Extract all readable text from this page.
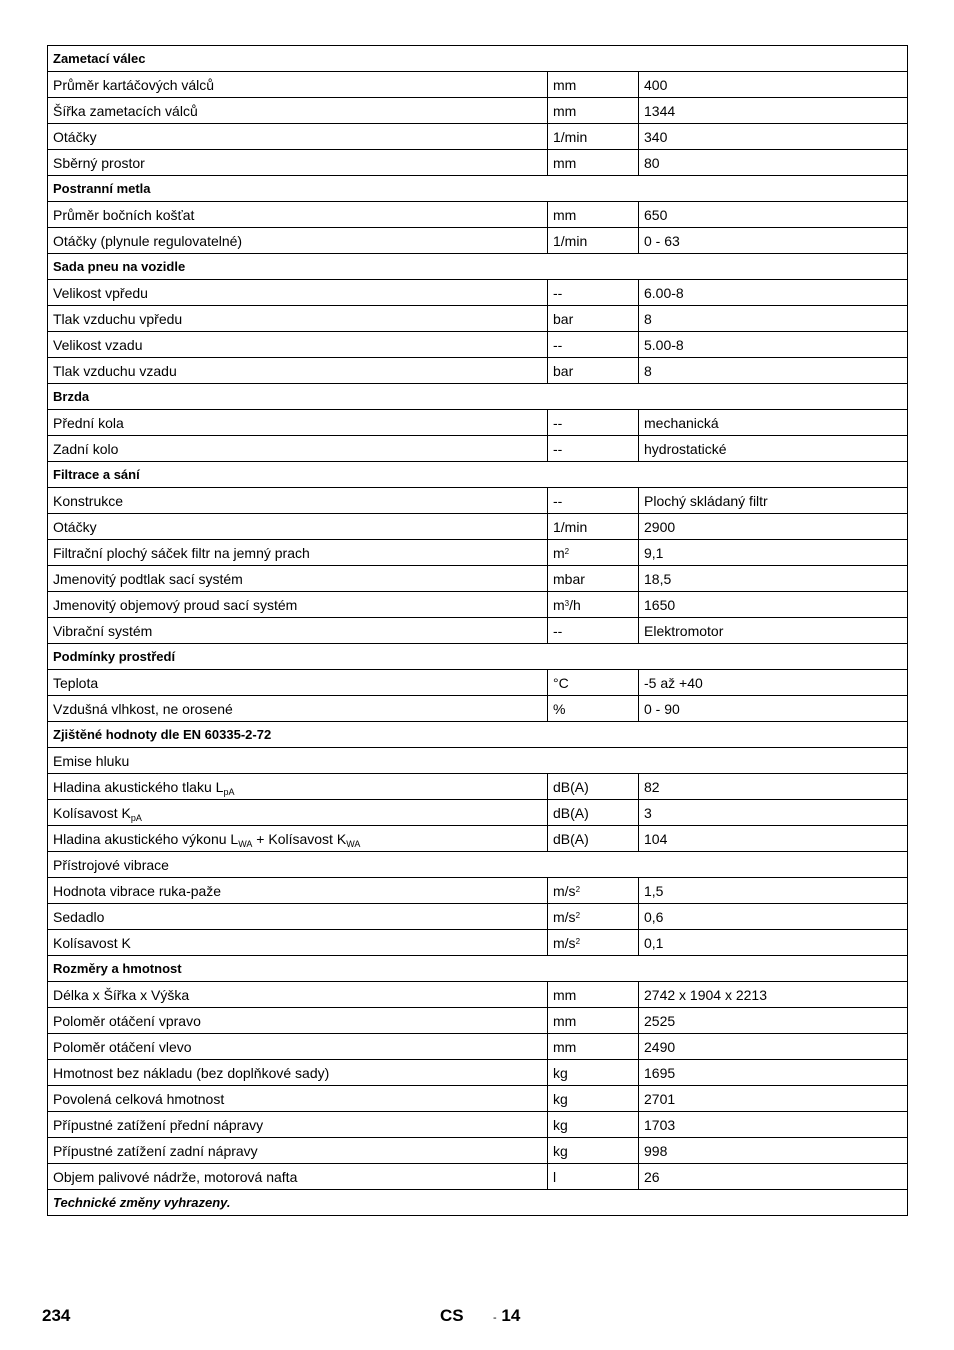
Zametací válec		
Průměr kartáčových válců	mm	400
Šířka zametacích válců	mm	1344
Otáčky	1/min	340
Sběrný prostor	mm	80
Postranní metla		
Průměr bočních košťat	mm	650
Otáčky (plynule regulovatelné)	1/min	0 - 63
Sada pneu na vozidle		
Velikost vpředu	--	6.00-8
Tlak vzduchu vpředu	bar	8
Velikost vzadu	--	5.00-8
Tlak vzduchu vzadu	bar	8
Brzda		
Přední kola	--	mechanická
Zadní kolo	--	hydrostatické
Filtrace a sání		
Konstrukce	--	Plochý skládaný filtr
Otáčky	1/min	2900
Filtrační plochý sáček filtr na jemný prach	$m^2$	9,1
Jmenovitý podtlak sací systém	mbar	18,5
Jmenovitý objemový proud sací systém	$m^3/h$	1650
Vibrační systém	--	Elektromotor
Podmínky prostředí		
Teplota	°C	-5 až +40
Vzdušná vlhkost, ne orosené	%	0 - 90
Zjištěné hodnoty dle EN 60335-2-72		
Emise hluku		
Hladina akustického tlaku $L_{pA}$	dB(A)	82
Kolísavost $K_{pA}$	dB(A)	3
Hladina akustického výkonu $L_{WA}$ + Kolísavost $K_{WA}$	dB(A)	104
Přístrojové vibrace		
Hodnota vibrace ruka-paže	$m/s^2$	1,5
Sedadlo	$m/s^2$	0,6
Kolísavost K	$m/s^2$	0,1
Rozměry a hmotnost		
Délka x Šířka x Výška	mm	2742 x 1904 x 2213
Poloměr otáčení vpravo	mm	2525
Poloměr otáčení vlevo	mm	2490
Hmotnost bez nákladu (bez doplňkové sady)	kg	1695
Povolená celková hmotnost	kg	2701
Přípustné zatížení přední nápravy	kg	1703
Přípustné zatížení zadní nápravy	kg	998
Objem palivové nádrže, motorová nafta	l	26
Technické změny vyhrazeny.		
234	CS	- 14
